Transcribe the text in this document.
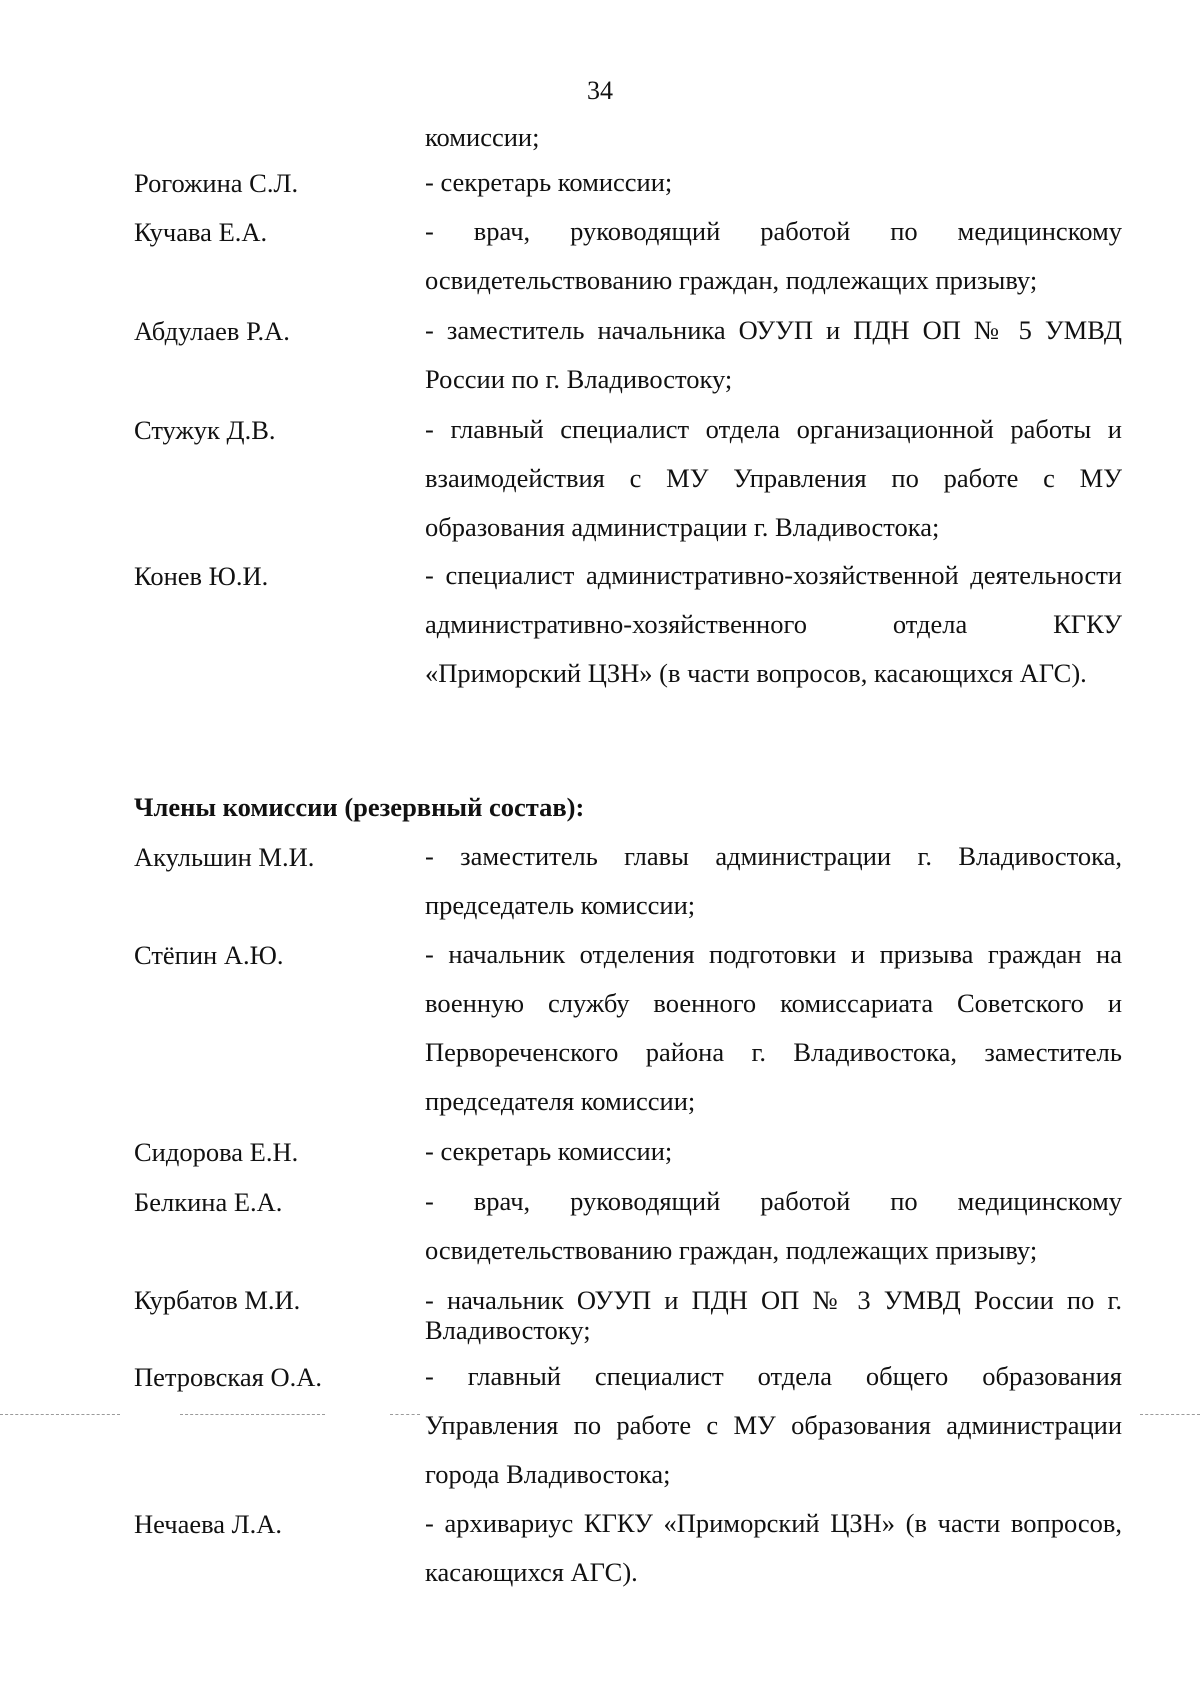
34
комиссии;
Рогожина С.Л.	- секретарь комиссии;
Кучава Е.А.	- врач, руководящий работой по медицинскому освидетельствованию граждан, подлежащих призыву;
Абдулаев Р.А.	- заместитель начальника ОУУП и ПДН ОП № 5 УМВД России по г. Владивостоку;
Стужук Д.В.	- главный специалист отдела организационной работы и взаимодействия с МУ Управления по работе с МУ образования администрации г. Владивостока;
Конев Ю.И.	- специалист административно-хозяйственной деятельности административно-хозяйственного отдела КГКУ «Приморский ЦЗН» (в части вопросов, касающихся АГС).
Члены комиссии (резервный состав):
Акульшин М.И.	- заместитель главы администрации г. Владивостока, председатель комиссии;
Стёпин А.Ю.	- начальник отделения подготовки и призыва граждан на военную службу военного комиссариата Советского и Первореченского района г. Владивостока, заместитель председателя комиссии;
Сидорова Е.Н.	- секретарь комиссии;
Белкина Е.А.	- врач, руководящий работой по медицинскому освидетельствованию граждан, подлежащих призыву;
Курбатов М.И.	- начальник ОУУП и ПДН ОП № 3 УМВД России по г. Владивостоку;
Петровская О.А.	- главный специалист отдела общего образования Управления по работе с МУ образования администрации города Владивостока;
Нечаева Л.А.	- архивариус КГКУ «Приморский ЦЗН» (в части вопросов, касающихся АГС).
